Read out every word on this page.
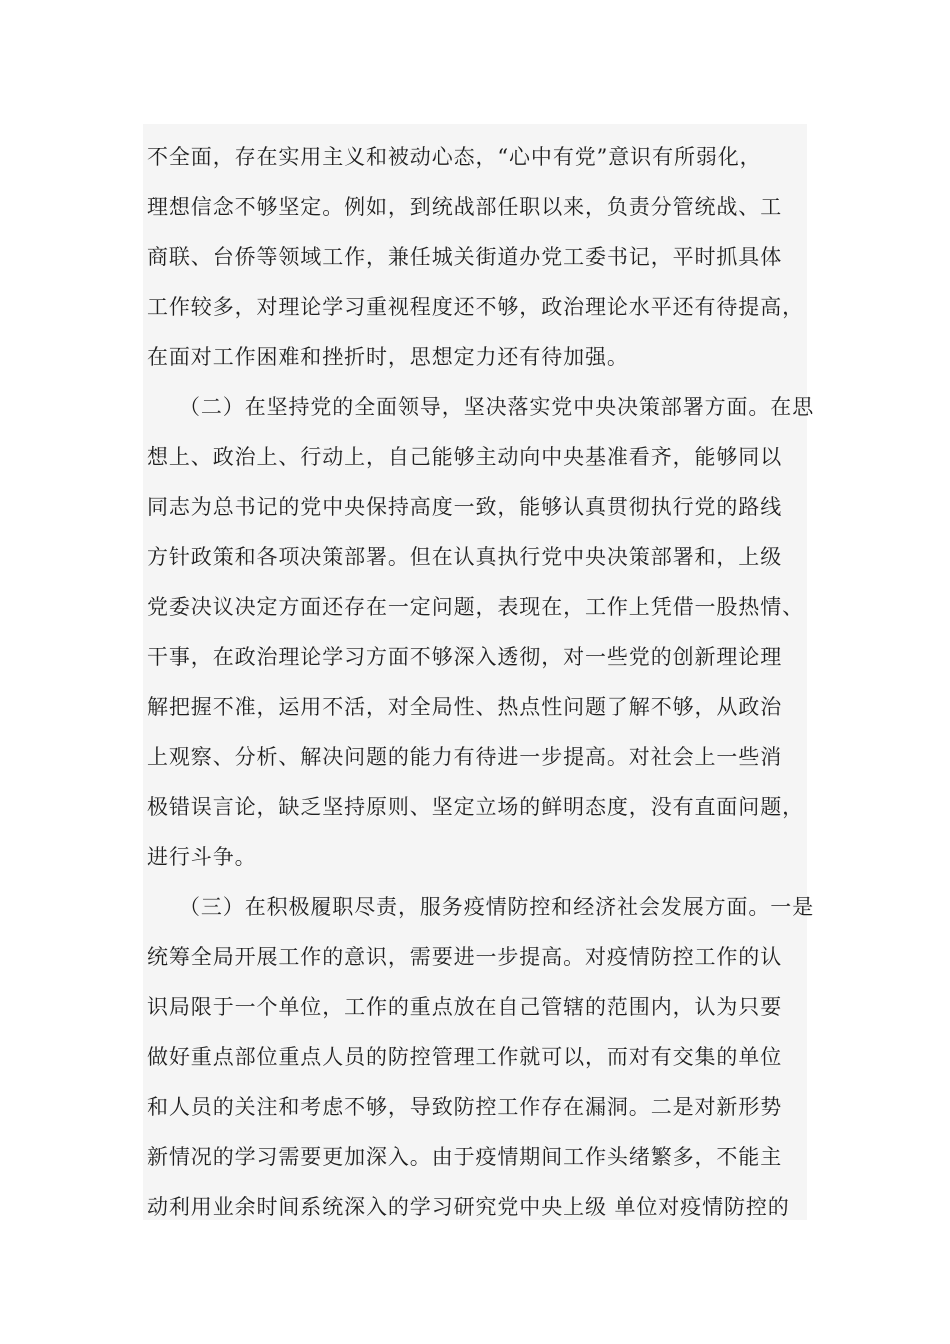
不全面，存在实用主义和被动心态，“心中有党”意识有所弱化，
理想信念不够坚定。例如，到统战部任职以来，负责分管统战、工
商联、台侨等领域工作，兼任城关街道办党工委书记，平时抓具体
工作较多，对理论学习重视程度还不够，政治理论水平还有待提高，
在面对工作困难和挫折时，思想定力还有待加强。
（二）在坚持党的全面领导，坚决落实党中央决策部署方面。在思
想上、政治上、行动上，自己能够主动向中央基准看齐，能够同以
同志为总书记的党中央保持高度一致，能够认真贯彻执行党的路线
方针政策和各项决策部署。但在认真执行党中央决策部署和，上级
党委决议决定方面还存在一定问题，表现在，工作上凭借一股热情、
干事，在政治理论学习方面不够深入透彻，对一些党的创新理论理
解把握不准，运用不活，对全局性、热点性问题了解不够，从政治
上观察、分析、解决问题的能力有待进一步提高。对社会上一些消
极错误言论，缺乏坚持原则、坚定立场的鲜明态度，没有直面问题，
进行斗争。
（三）在积极履职尽责，服务疫情防控和经济社会发展方面。一是
统筹全局开展工作的意识，需要进一步提高。对疫情防控工作的认
识局限于一个单位，工作的重点放在自己管辖的范围内，认为只要
做好重点部位重点人员的防控管理工作就可以，而对有交集的单位
和人员的关注和考虑不够，导致防控工作存在漏洞。二是对新形势
新情况的学习需要更加深入。由于疫情期间工作头绪繁多，不能主
动利用业余时间系统深入的学习研究党中央上级 单位对疫情防控的
